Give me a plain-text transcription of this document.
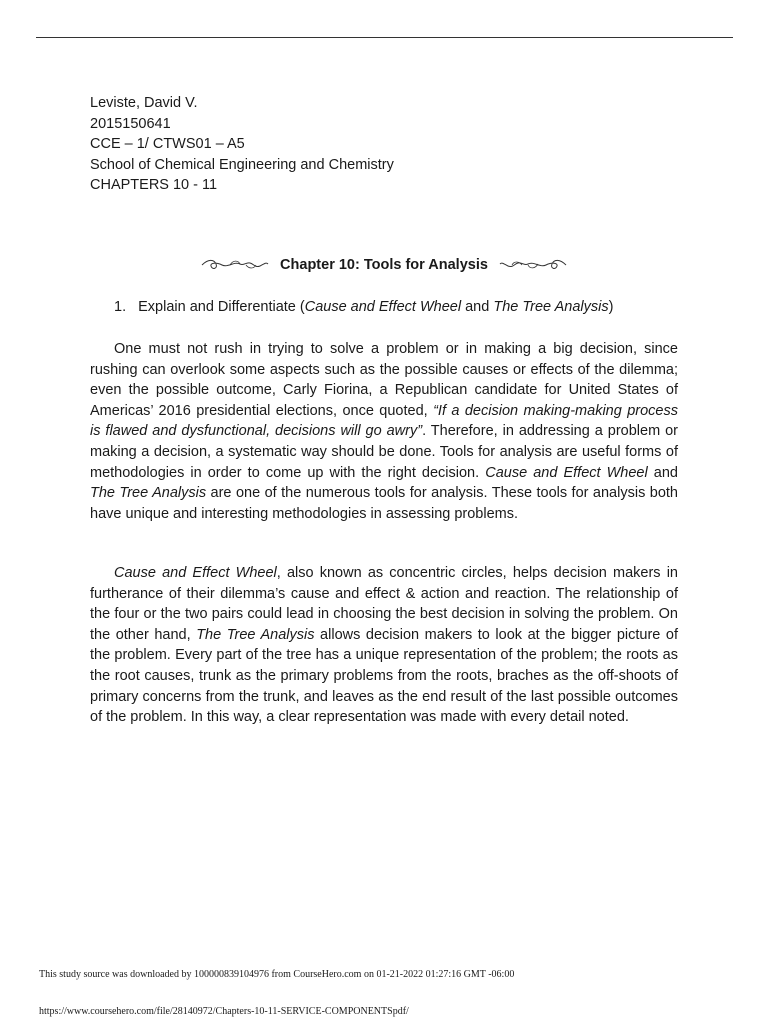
Leviste, David V.
2015150641
CCE – 1/ CTWS01 – A5
School of Chemical Engineering and Chemistry
CHAPTERS 10 - 11
Chapter 10: Tools for Analysis
1. Explain and Differentiate (Cause and Effect Wheel and The Tree Analysis)

One must not rush in trying to solve a problem or in making a big decision, since rushing can overlook some aspects such as the possible causes or effects of the dilemma; even the possible outcome, Carly Fiorina, a Republican candidate for United States of Americas’ 2016 presidential elections, once quoted, “If a decision making-making process is flawed and dysfunctional, decisions will go awry”. Therefore, in addressing a problem or making a decision, a systematic way should be done. Tools for analysis are useful forms of methodologies in order to come up with the right decision. Cause and Effect Wheel and The Tree Analysis are one of the numerous tools for analysis. These tools for analysis both have unique and interesting methodologies in assessing problems.

Cause and Effect Wheel, also known as concentric circles, helps decision makers in furtherance of their dilemma’s cause and effect & action and reaction. The relationship of the four or the two pairs could lead in choosing the best decision in solving the problem. On the other hand, The Tree Analysis allows decision makers to look at the bigger picture of the problem. Every part of the tree has a unique representation of the problem; the roots as the root causes, trunk as the primary problems from the roots, braches as the off-shoots of primary concerns from the trunk, and leaves as the end result of the last possible outcomes of the problem. In this way, a clear representation was made with every detail noted.

This study source was downloaded by 100000839104976 from CourseHero.com on 01-21-2022 01:27:16 GMT -06:00
https://www.coursehero.com/file/28140972/Chapters-10-11-SERVICE-COMPONENTSpdf/
